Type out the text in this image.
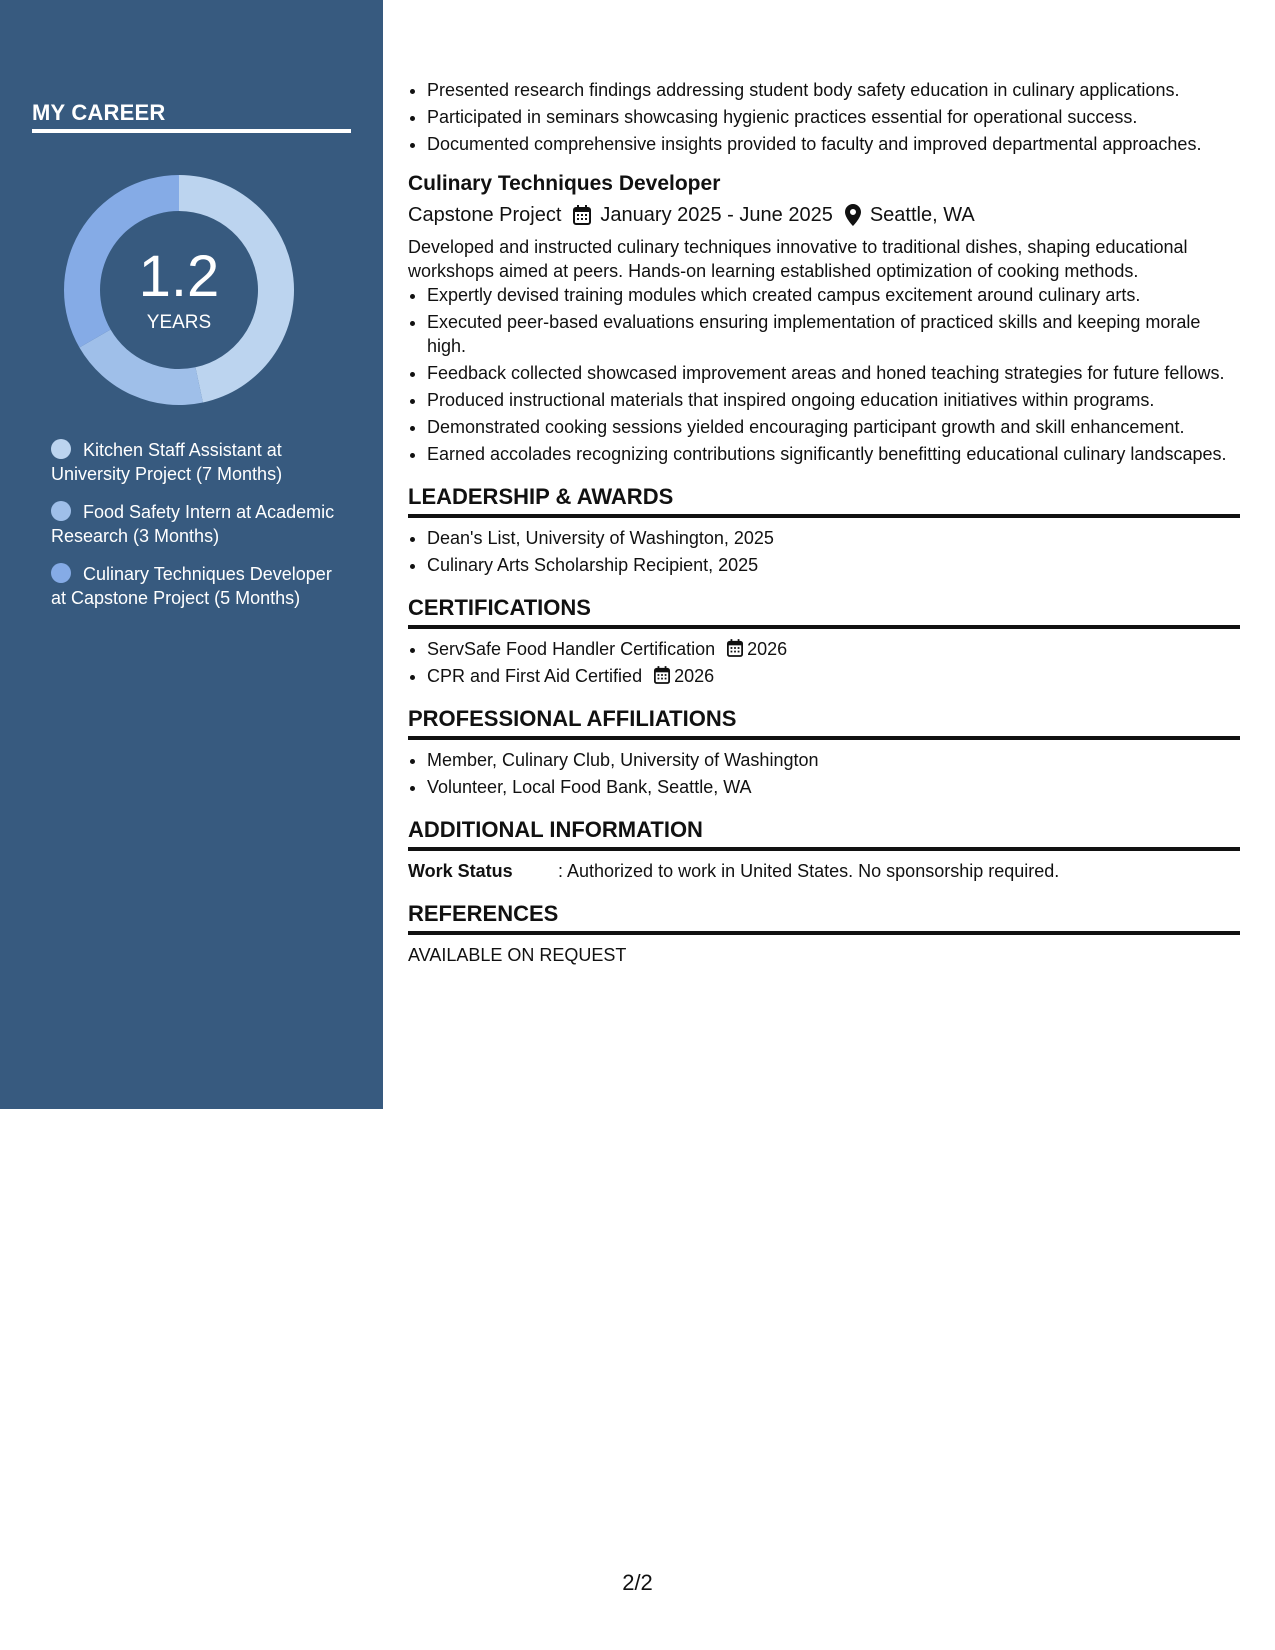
MY CAREER
1.2
YEARS
Kitchen Staff Assistant at University Project (7 Months)
Food Safety Intern at Academic Research (3 Months)
Culinary Techniques Developer at Capstone Project (5 Months)
• Presented research findings addressing student body safety education in culinary applications.
• Participated in seminars showcasing hygienic practices essential for operational success.
• Documented comprehensive insights provided to faculty and improved departmental approaches.
Culinary Techniques Developer
Capstone Project January 2025 - June 2025 Seattle, WA
Developed and instructed culinary techniques innovative to traditional dishes, shaping educational workshops aimed at peers. Hands-on learning established optimization of cooking methods.
• Expertly devised training modules which created campus excitement around culinary arts.
• Executed peer-based evaluations ensuring implementation of practiced skills and keeping morale high.
• Feedback collected showcased improvement areas and honed teaching strategies for future fellows.
• Produced instructional materials that inspired ongoing education initiatives within programs.
• Demonstrated cooking sessions yielded encouraging participant growth and skill enhancement.
• Earned accolades recognizing contributions significantly benefitting educational culinary landscapes.
LEADERSHIP & AWARDS
• Dean's List, University of Washington, 2025
• Culinary Arts Scholarship Recipient, 2025
CERTIFICATIONS
• ServSafe Food Handler Certification 2026
• CPR and First Aid Certified 2026
PROFESSIONAL AFFILIATIONS
• Member, Culinary Club, University of Washington
• Volunteer, Local Food Bank, Seattle, WA
ADDITIONAL INFORMATION
Work Status	: Authorized to work in United States. No sponsorship required.
REFERENCES
AVAILABLE ON REQUEST
2/2
